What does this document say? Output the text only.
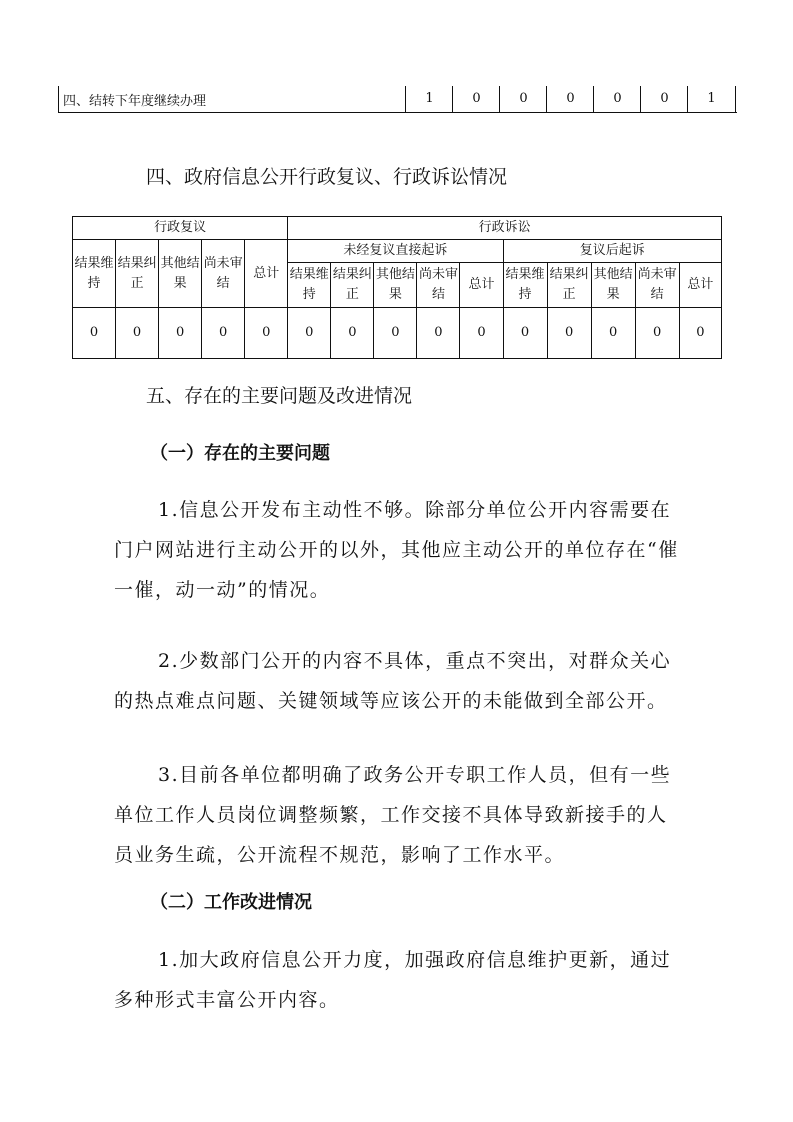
四、结转下年度继续办理	1	0	0	0	0	0	1
四、政府信息公开行政复议、行政诉讼情况
行政复议					行政诉讼									
结果维持	结果纠正	其他结果	尚未审结	总计	未经复议直接起诉					复议后起诉				
					结果维持	结果纠正	其他结果	尚未审结	总计	结果维持	结果纠正	其他结果	尚未审结	总计
0	0	0	0	0	0	0	0	0	0	0	0	0	0	0
五、存在的主要问题及改进情况
（一）存在的主要问题

1.信息公开发布主动性不够。除部分单位公开内容需要在门户网站进行主动公开的以外，其他应主动公开的单位存在“催一催，动一动”的情况。

2.少数部门公开的内容不具体，重点不突出，对群众关心的热点难点问题、关键领域等应该公开的未能做到全部公开。

3.目前各单位都明确了政务公开专职工作人员，但有一些单位工作人员岗位调整频繁，工作交接不具体导致新接手的人员业务生疏，公开流程不规范，影响了工作水平。

（二）工作改进情况

1.加大政府信息公开力度，加强政府信息维护更新，通过多种形式丰富公开内容。
